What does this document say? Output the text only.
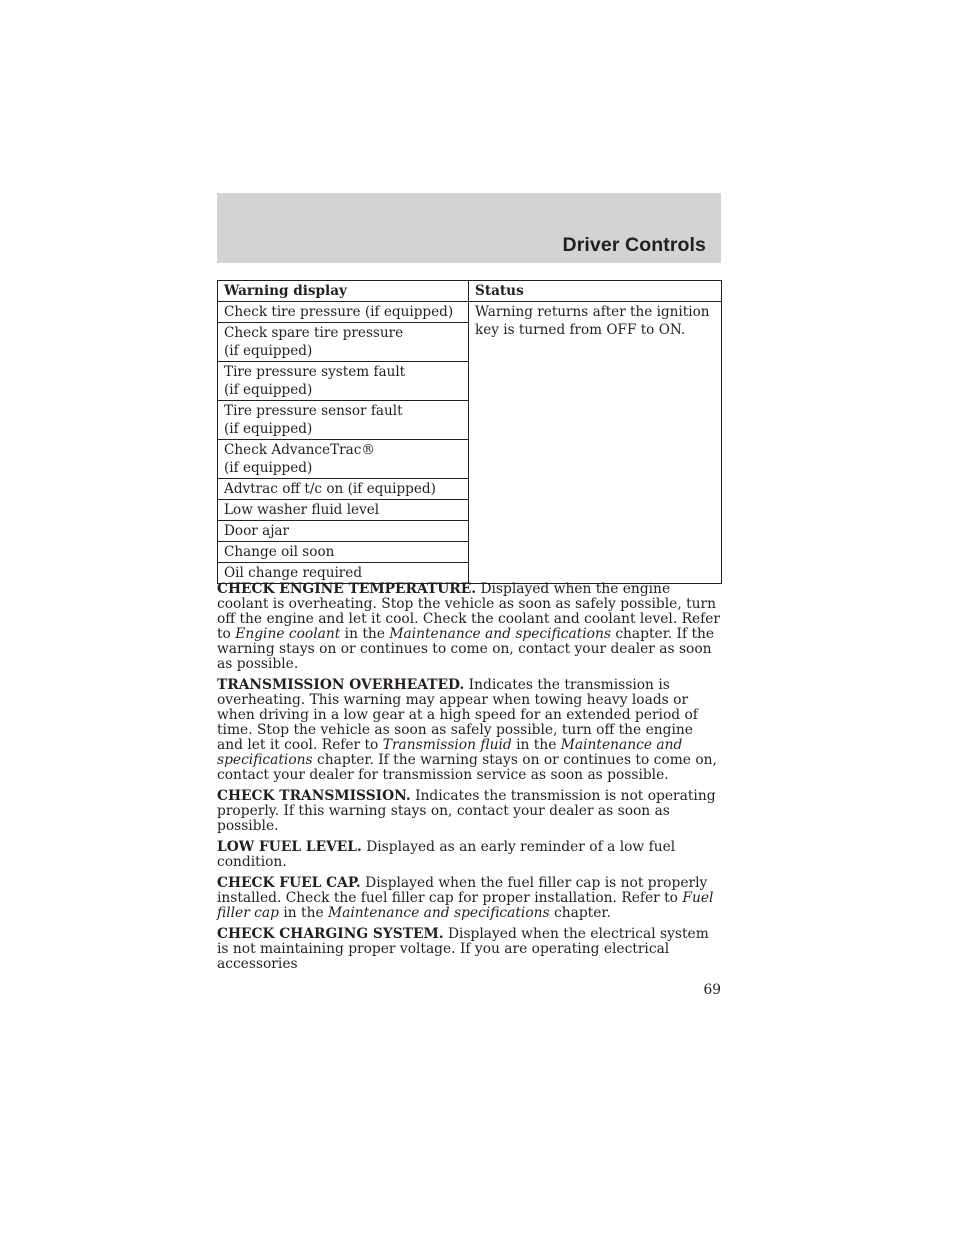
Driver Controls
Warning display	Status
Check tire pressure (if equipped)	Warning returns after the ignition key is turned from OFF to ON.
Check spare tire pressure
(if equipped)	
Tire pressure system fault
(if equipped)	
Tire pressure sensor fault
(if equipped)	
Check AdvanceTrac®
(if equipped)	
Advtrac off t/c on (if equipped)	
Low washer fluid level	
Door ajar	
Change oil soon	
Oil change required	

CHECK ENGINE TEMPERATURE. Displayed when the engine coolant is overheating. Stop the vehicle as soon as safely possible, turn off the engine and let it cool. Check the coolant and coolant level. Refer to Engine coolant in the Maintenance and specifications chapter. If the warning stays on or continues to come on, contact your dealer as soon as possible.

TRANSMISSION OVERHEATED. Indicates the transmission is overheating. This warning may appear when towing heavy loads or when driving in a low gear at a high speed for an extended period of time. Stop the vehicle as soon as safely possible, turn off the engine and let it cool. Refer to Transmission fluid in the Maintenance and specifications chapter. If the warning stays on or continues to come on, contact your dealer for transmission service as soon as possible.

CHECK TRANSMISSION. Indicates the transmission is not operating properly. If this warning stays on, contact your dealer as soon as possible.

LOW FUEL LEVEL. Displayed as an early reminder of a low fuel condition.

CHECK FUEL CAP. Displayed when the fuel filler cap is not properly installed. Check the fuel filler cap for proper installation. Refer to Fuel filler cap in the Maintenance and specifications chapter.

CHECK CHARGING SYSTEM. Displayed when the electrical system is not maintaining proper voltage. If you are operating electrical accessories

69
